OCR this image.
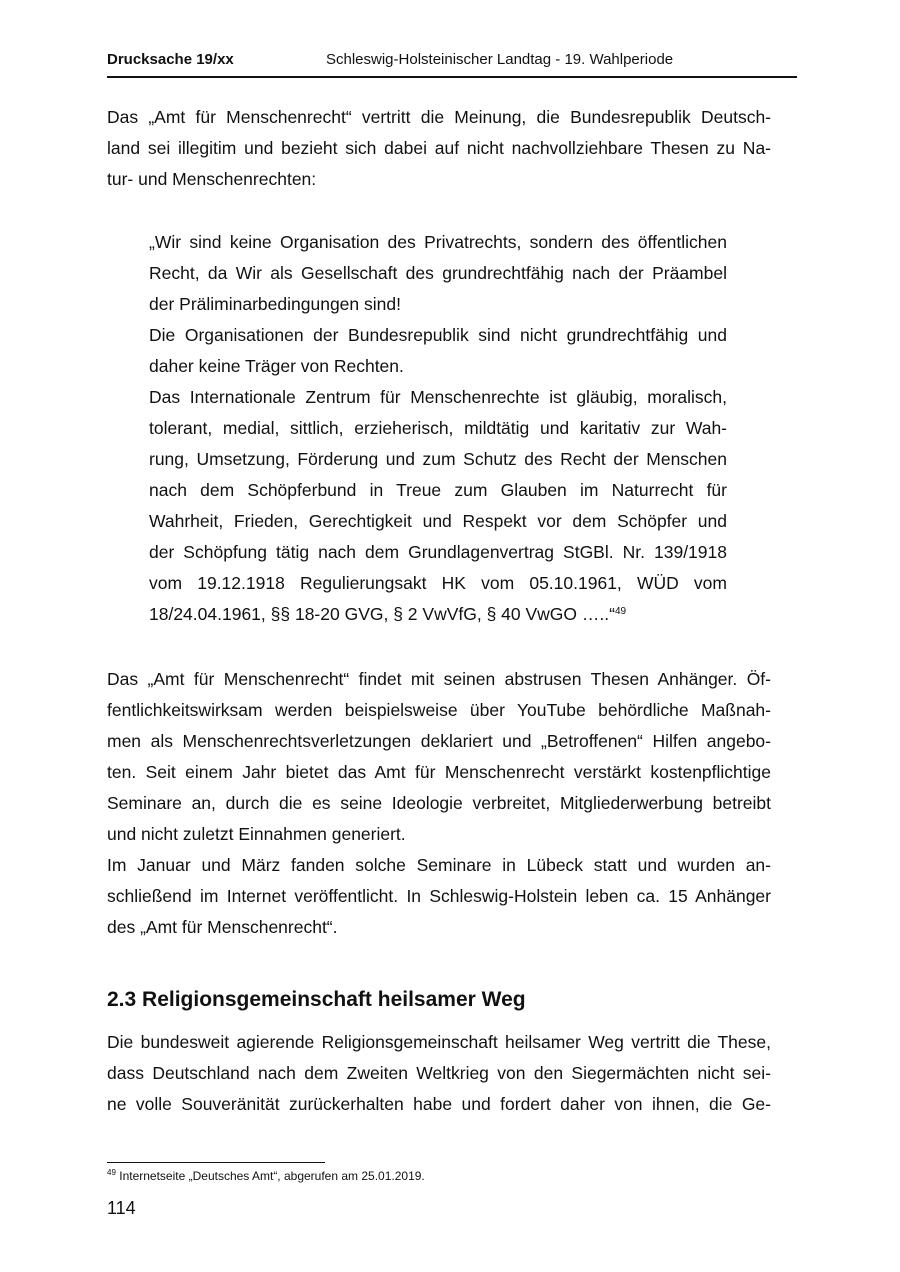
Drucksache 19/xx	Schleswig-Holsteinischer Landtag - 19. Wahlperiode
Das „Amt für Menschenrecht“ vertritt die Meinung, die Bundesrepublik Deutsch-
land sei illegitim und bezieht sich dabei auf nicht nachvollziehbare Thesen zu Na-
tur- und Menschenrechten:
„Wir sind keine Organisation des Privatrechts, sondern des öffentlichen
Recht, da Wir als Gesellschaft des grundrechtfähig nach der Präambel
der Präliminarbedingungen sind!
Die Organisationen der Bundesrepublik sind nicht grundrechtfähig und
daher keine Träger von Rechten.
Das Internationale Zentrum für Menschenrechte ist gläubig, moralisch,
tolerant, medial, sittlich, erzieherisch, mildtätig und karitativ zur Wah-
rung, Umsetzung, Förderung und zum Schutz des Recht der Menschen
nach dem Schöpferbund in Treue zum Glauben im Naturrecht für
Wahrheit, Frieden, Gerechtigkeit und Respekt vor dem Schöpfer und
der Schöpfung tätig nach dem Grundlagenvertrag StGBl. Nr. 139/1918
vom 19.12.1918 Regulierungsakt HK vom 05.10.1961, WÜD vom
18/24.04.1961, §§ 18-20 GVG, § 2 VwVfG, § 40 VwGO …..“$^{49}$
Das „Amt für Menschenrecht“ findet mit seinen abstrusen Thesen Anhänger. Öf-
fentlichkeitswirksam werden beispielsweise über YouTube behördliche Maßnah-
men als Menschenrechtsverletzungen deklariert und „Betroffenen“ Hilfen angebo-
ten. Seit einem Jahr bietet das Amt für Menschenrecht verstärkt kostenpflichtige
Seminare an, durch die es seine Ideologie verbreitet, Mitgliederwerbung betreibt
und nicht zuletzt Einnahmen generiert.
Im Januar und März fanden solche Seminare in Lübeck statt und wurden an-
schließend im Internet veröffentlicht. In Schleswig-Holstein leben ca. 15 Anhänger
des „Amt für Menschenrecht“.
2.3 Religionsgemeinschaft heilsamer Weg
Die bundesweit agierende Religionsgemeinschaft heilsamer Weg vertritt die These,
dass Deutschland nach dem Zweiten Weltkrieg von den Siegermächten nicht sei-
ne volle Souveränität zurückerhalten habe und fordert daher von ihnen, die Ge-
$^{49}$ Internetseite „Deutsches Amt“, abgerufen am 25.01.2019.
114
